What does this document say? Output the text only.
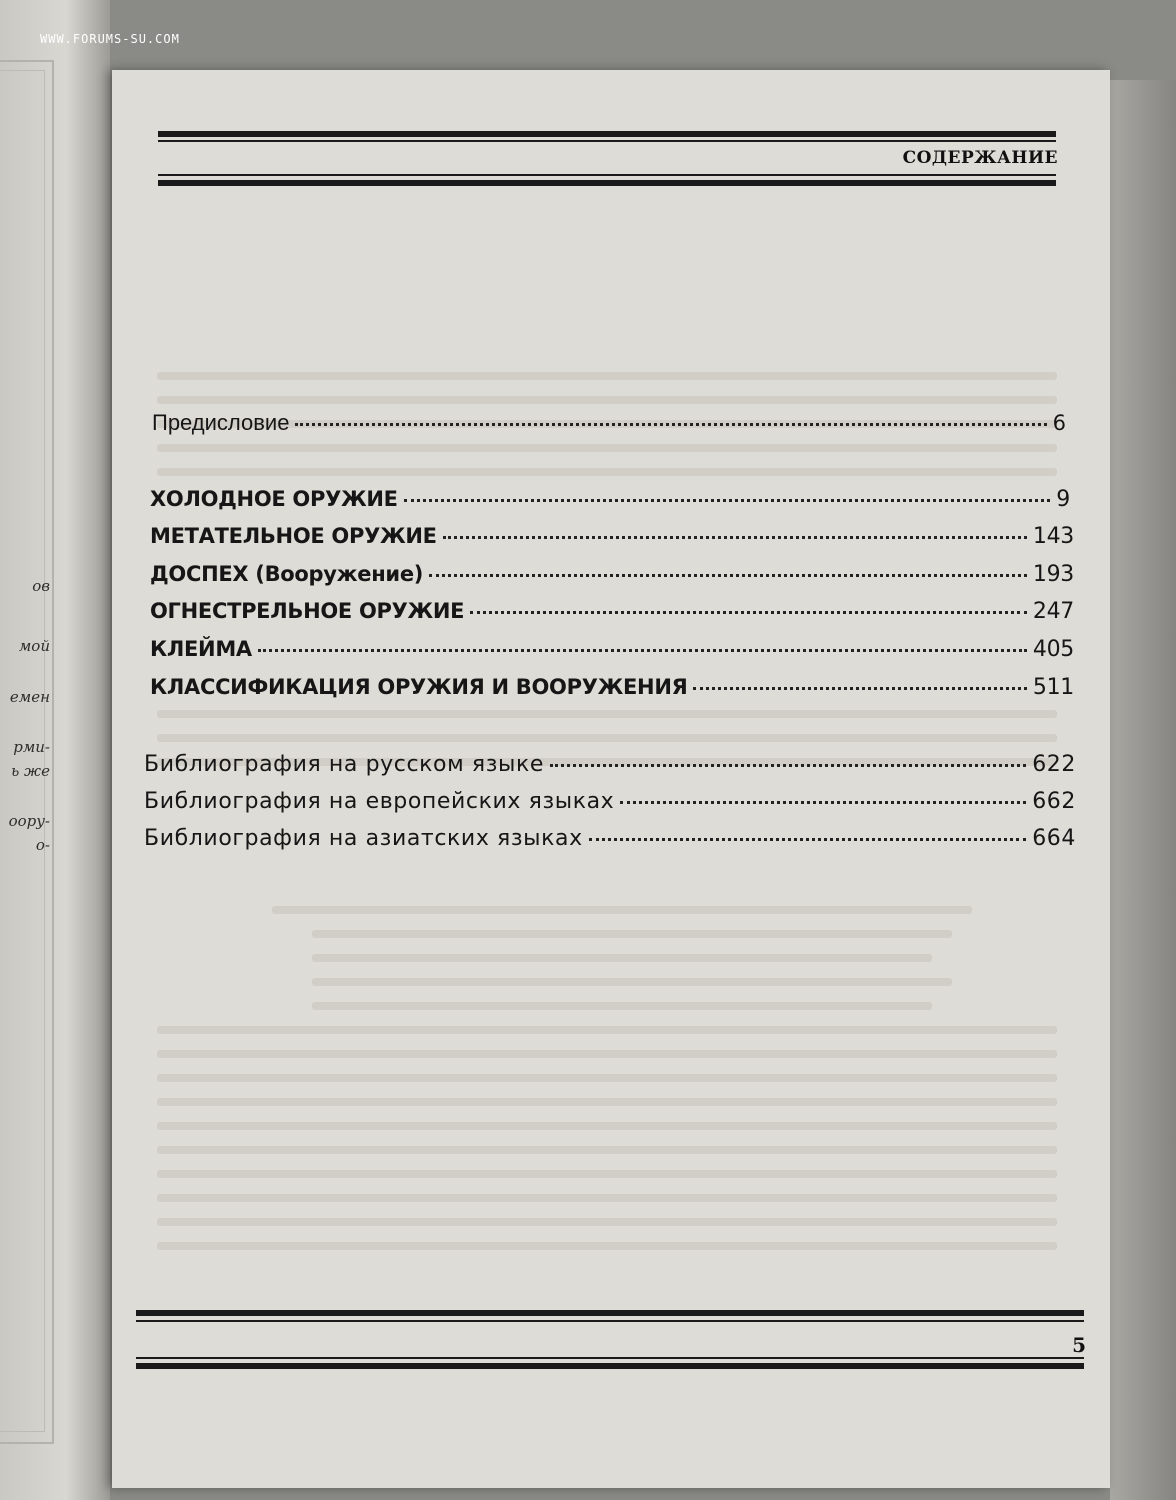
ов
мой
емен
рми-
ь же
ooру-
о-
WWW.FORUMS-SU.COM
СОДЕРЖАНИЕ
Предисловие	6
ХОЛОДНОЕ ОРУЖИЕ	9
МЕТАТЕЛЬНОЕ ОРУЖИЕ	143
ДОСПЕХ (Вооружение)	193
ОГНЕСТРЕЛЬНОЕ ОРУЖИЕ	247
КЛЕЙМА	405
КЛАССИФИКАЦИЯ ОРУЖИЯ И ВООРУЖЕНИЯ	511
Библиография на русском языке	622
Библиография на европейских языках	662
Библиография на азиатских языках	664
5
